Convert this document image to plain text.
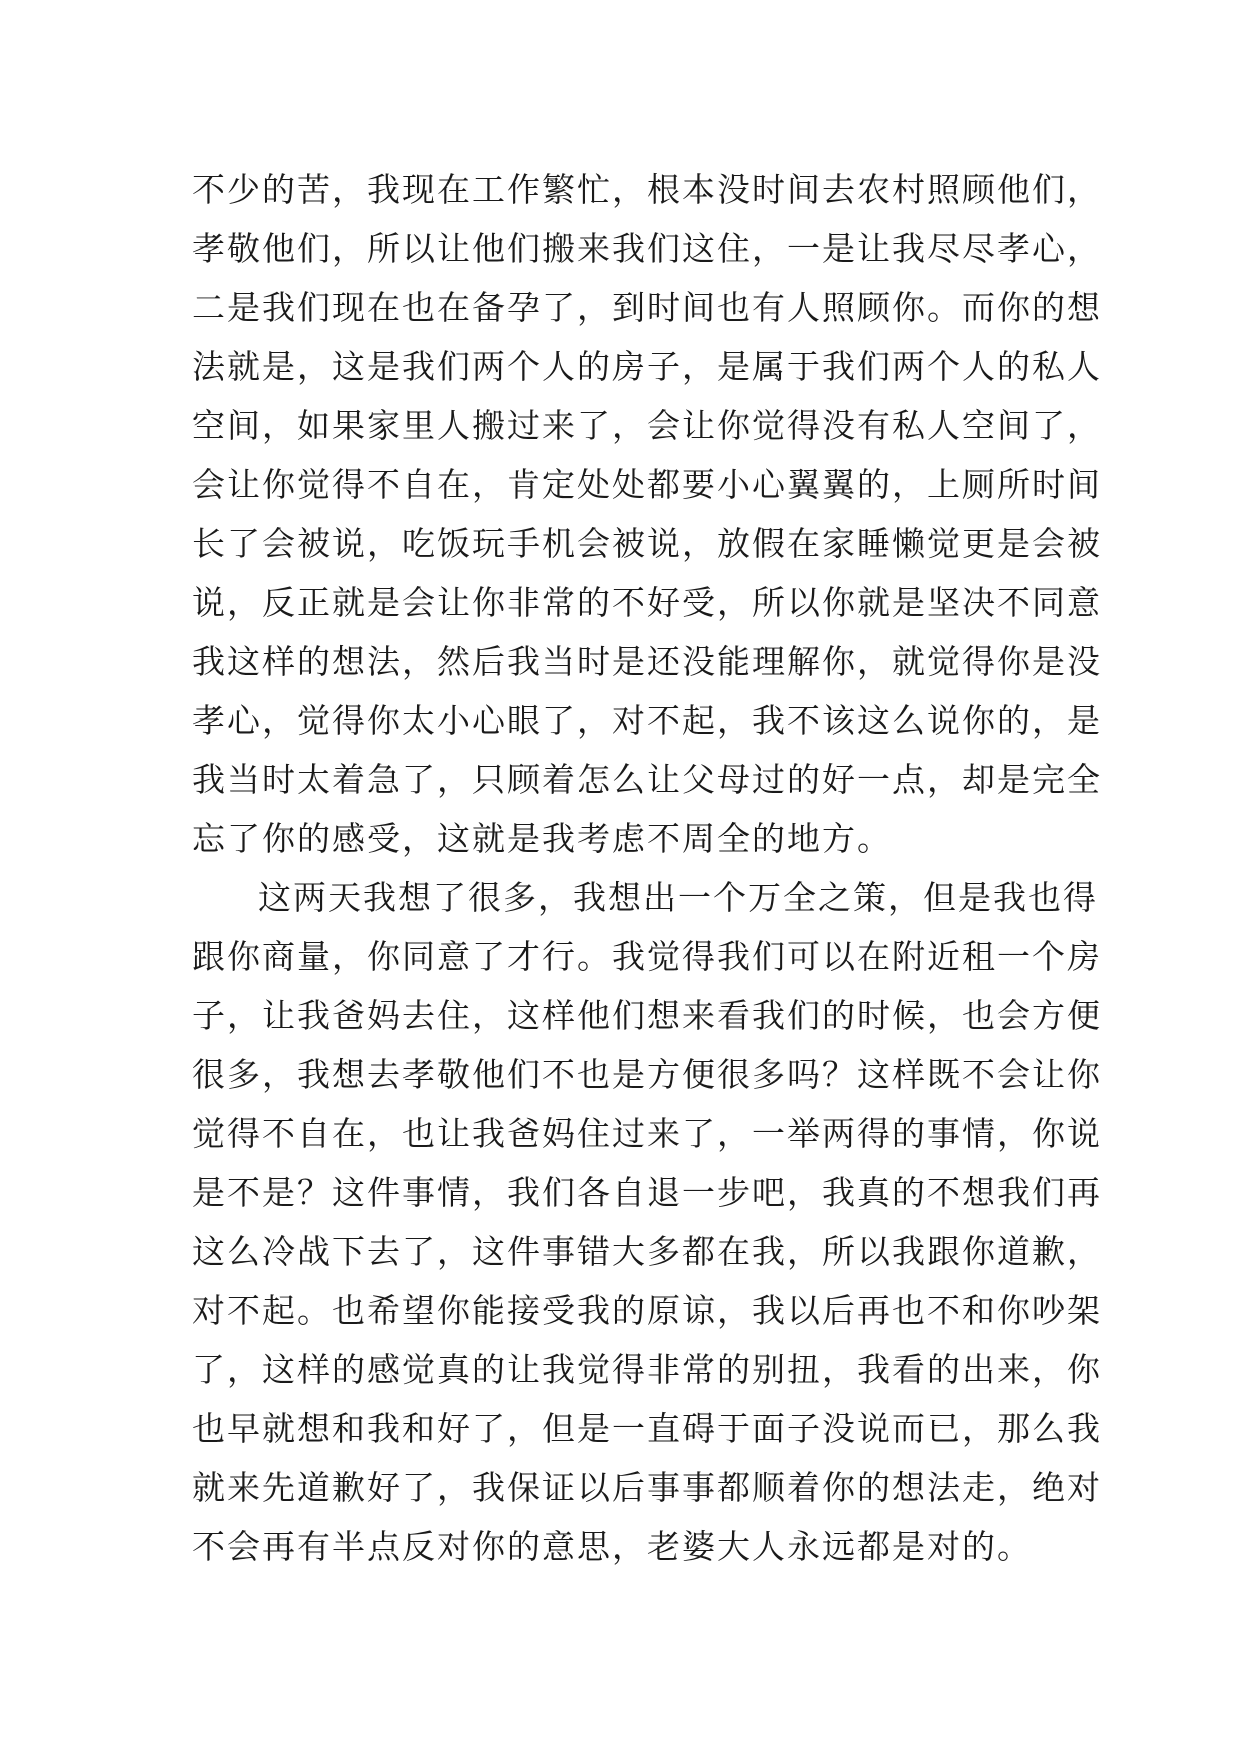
不少的苦，我现在工作繁忙，根本没时间去农村照顾他们，
孝敬他们，所以让他们搬来我们这住，一是让我尽尽孝心，
二是我们现在也在备孕了，到时间也有人照顾你。而你的想
法就是，这是我们两个人的房子，是属于我们两个人的私人
空间，如果家里人搬过来了，会让你觉得没有私人空间了，
会让你觉得不自在，肯定处处都要小心翼翼的，上厕所时间
长了会被说，吃饭玩手机会被说，放假在家睡懒觉更是会被
说，反正就是会让你非常的不好受，所以你就是坚决不同意
我这样的想法，然后我当时是还没能理解你，就觉得你是没
孝心，觉得你太小心眼了，对不起，我不该这么说你的，是
我当时太着急了，只顾着怎么让父母过的好一点，却是完全
忘了你的感受，这就是我考虑不周全的地方。
这两天我想了很多，我想出一个万全之策，但是我也得
跟你商量，你同意了才行。我觉得我们可以在附近租一个房
子，让我爸妈去住，这样他们想来看我们的时候，也会方便
很多，我想去孝敬他们不也是方便很多吗？这样既不会让你
觉得不自在，也让我爸妈住过来了，一举两得的事情，你说
是不是？这件事情，我们各自退一步吧，我真的不想我们再
这么冷战下去了，这件事错大多都在我，所以我跟你道歉，
对不起。也希望你能接受我的原谅，我以后再也不和你吵架
了，这样的感觉真的让我觉得非常的别扭，我看的出来，你
也早就想和我和好了，但是一直碍于面子没说而已，那么我
就来先道歉好了，我保证以后事事都顺着你的想法走，绝对
不会再有半点反对你的意思，老婆大人永远都是对的。
